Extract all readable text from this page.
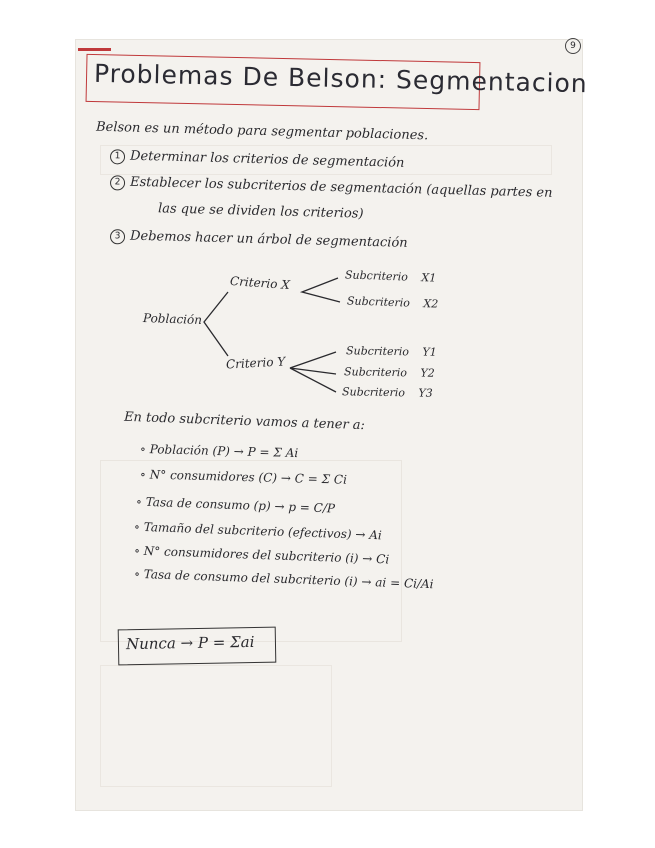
9
Problemas De Belson: Segmentacion
Belson es un método para segmentar poblaciones.
1 Determinar los criterios de segmentación
2 Establecer los subcriterios de segmentación (aquellas partes en
las que se dividen los criterios)
3 Debemos hacer un árbol de segmentación
Población
Criterio X	Subcriterio X1
Subcriterio X2
Criterio Y
Subcriterio Y1
Subcriterio Y2
Subcriterio Y3
En todo subcriterio vamos a tener a:
∘ Población (P) → P = Σ Ai
∘ N° consumidores (C) → C = Σ Ci
∘ Tasa de consumo (p) → p = C/P
∘ Tamaño del subcriterio (efectivos) → Ai
∘ N° consumidores del subcriterio (i) → Ci
∘ Tasa de consumo del subcriterio (i) → ai = Ci/Ai
Nunca → P = Σai
